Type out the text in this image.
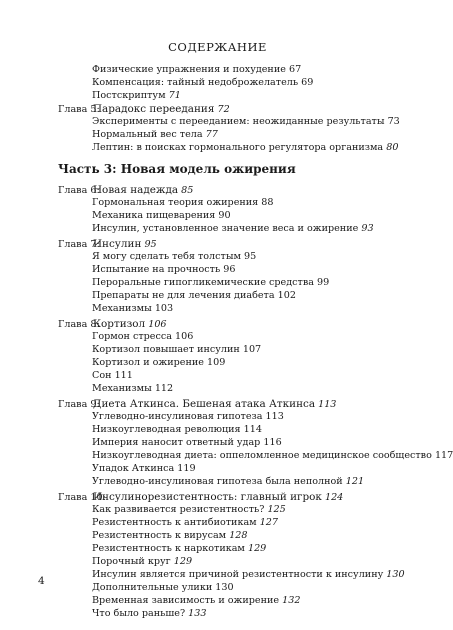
СОДЕРЖАНИЕ
Физические упражнения и похудение 67
Компенсация: тайный недоброжелатель 69
Постскриптум 71
Глава 5:Парадокс переедания 72
Эксперименты с перееданием: неожиданные результаты 73
Нормальный вес тела 77
Лептин: в поисках гормонального регулятора организма 80
Часть 3: Новая модель ожирения
Глава 6:Новая надежда 85
Гормональная теория ожирения 88
Механика пищеварения 90
Инсулин, установленное значение веса и ожирение 93
Глава 7:Инсулин 95
Я могу сделать тебя толстым 95
Испытание на прочность 96
Пероральные гипогликемические средства 99
Препараты не для лечения диабета 102
Механизмы 103
Глава 8:Кортизол 106
Гормон стресса 106
Кортизол повышает инсулин 107
Кортизол и ожирение 109
Сон 111
Механизмы 112
Глава 9:Диета Аткинса. Бешеная атака Аткинса 113
Углеводно-инсулиновая гипотеза 113
Низкоуглеводная революция 114
Империя наносит ответный удар 116
Низкоуглеводная диета: оппеломленное медицинское сообщество 117
Упадок Аткинса 119
Углеводно-инсулиновая гипотеза была неполной 121
Глава 10:Инсулинорезистентность: главный игрок 124
Как развивается резистентность? 125
Резистентность к антибиотикам 127
Резистентность к вирусам 128
Резистентность к наркотикам 129
Порочный круг 129
Инсулин является причиной резистентности к инсулину 130
Дополнительные улики 130
Временная зависимость и ожирение 132
Что было раньше? 133
4
